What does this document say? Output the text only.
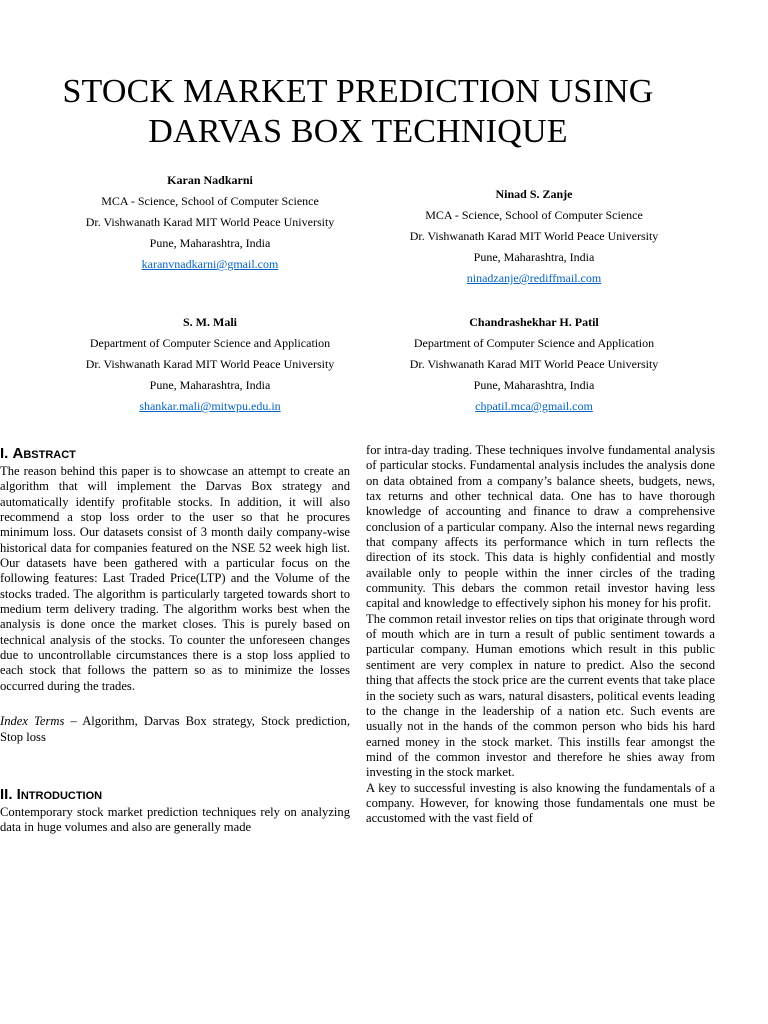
STOCK MARKET PREDICTION USING
DARVAS BOX TECHNIQUE
Karan Nadkarni
MCA - Science, School of Computer Science
Dr. Vishwanath Karad MIT World Peace University
Pune, Maharashtra, India
karanvnadkarni@gmail.com
Ninad S. Zanje
MCA - Science, School of Computer Science
Dr. Vishwanath Karad MIT World Peace University
Pune, Maharashtra, India
ninadzanje@rediffmail.com
S. M. Mali
Department of Computer Science and Application
Dr. Vishwanath Karad MIT World Peace University
Pune, Maharashtra, India
shankar.mali@mitwpu.edu.in
Chandrashekhar H. Patil
Department of Computer Science and Application
Dr. Vishwanath Karad MIT World Peace University
Pune, Maharashtra, India
chpatil.mca@gmail.com
I. Abstract

The reason behind this paper is to showcase an attempt to create an algorithm that will implement the Darvas Box strategy and automatically identify profitable stocks. In addition, it will also recommend a stop loss order to the user so that he procures minimum loss. Our datasets consist of 3 month daily company-wise historical data for companies featured on the NSE 52 week high list. Our datasets have been gathered with a particular focus on the following features: Last Traded Price(LTP) and the Volume of the stocks traded. The algorithm is particularly targeted towards short to medium term delivery trading. The algorithm works best when the analysis is done once the market closes. This is purely based on technical analysis of the stocks. To counter the unforeseen changes due to uncontrollable circumstances there is a stop loss applied to each stock that follows the pattern so as to minimize the losses occurred during the trades.

Index Terms – Algorithm, Darvas Box strategy, Stock prediction, Stop loss

II. Introduction

Contemporary stock market prediction techniques rely on analyzing data in huge volumes and also are generally made

for intra-day trading. These techniques involve fundamental analysis of particular stocks. Fundamental analysis includes the analysis done on data obtained from a company’s balance sheets, budgets, news, tax returns and other technical data. One has to have thorough knowledge of accounting and finance to draw a comprehensive conclusion of a particular company. Also the internal news regarding that company affects its performance which in turn reflects the direction of its stock. This data is highly confidential and mostly available only to people within the inner circles of the trading community. This debars the common retail investor having less capital and knowledge to effectively siphon his money for his profit.

The common retail investor relies on tips that originate through word of mouth which are in turn a result of public sentiment towards a particular company. Human emotions which result in this public sentiment are very complex in nature to predict. Also the second thing that affects the stock price are the current events that take place in the society such as wars, natural disasters, political events leading to the change in the leadership of a nation etc. Such events are usually not in the hands of the common person who bids his hard earned money in the stock market. This instills fear amongst the mind of the common investor and therefore he shies away from investing in the stock market.

A key to successful investing is also knowing the fundamentals of a company. However, for knowing those fundamentals one must be accustomed with the vast field of
